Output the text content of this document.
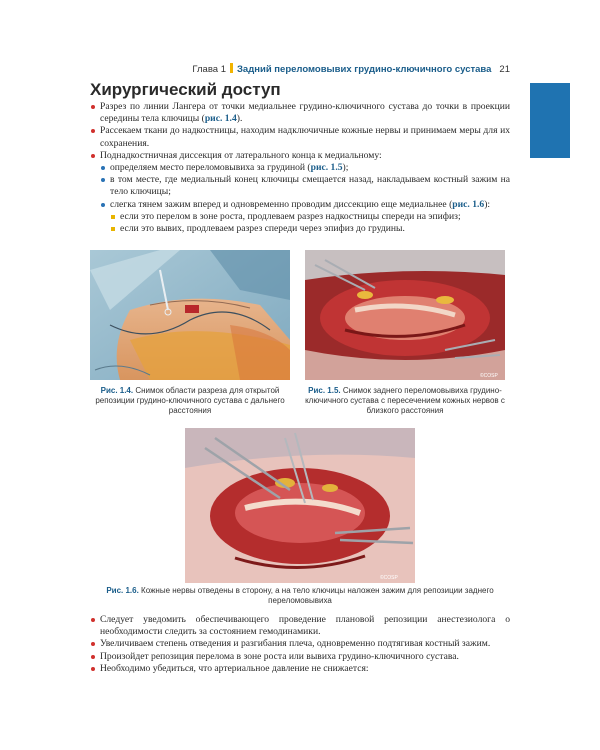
Глава 1 Задний переломовывих грудино-ключичного сустава 21
Хирургический доступ
Разрез по линии Лангера от точки медиальнее грудино-ключичного сустава до точки в проекции середины тела ключицы (рис. 1.4).
Рассекаем ткани до надкостницы, находим надключичные кожные нервы и принимаем меры для их сохранения.
Поднадкостничная диссекция от латерального конца к медиальному:
определяем место переломовывиха за грудиной (рис. 1.5);
в том месте, где медиальный конец ключицы смещается назад, накладываем костный зажим на тело ключицы;
слегка тянем зажим вперед и одновременно проводим диссекцию еще медиальнее (рис. 1.6):
если это перелом в зоне роста, продлеваем разрез надкостницы спереди на эпифиз;
если это вывих, продлеваем разрез спереди через эпифиз до грудины.
©COSP
Рис. 1.4. Снимок области разреза для открытой репозиции грудино-ключичного сустава с дальнего расстояния
Рис. 1.5. Снимок заднего переломовывиха грудино-ключичного сустава с пересечением кожных нервов с близкого расстояния
©COSP
Рис. 1.6. Кожные нервы отведены в сторону, а на тело ключицы наложен зажим для репозиции заднего переломовывиха
Следует уведомить обеспечивающего проведение плановой репозиции анестезиолога о необходимости следить за состоянием гемодинамики.
Увеличиваем степень отведения и разгибания плеча, одновременно подтягивая костный зажим.
Произойдет репозиция перелома в зоне роста или вывиха грудино-ключичного сустава.
Необходимо убедиться, что артериальное давление не снижается:
